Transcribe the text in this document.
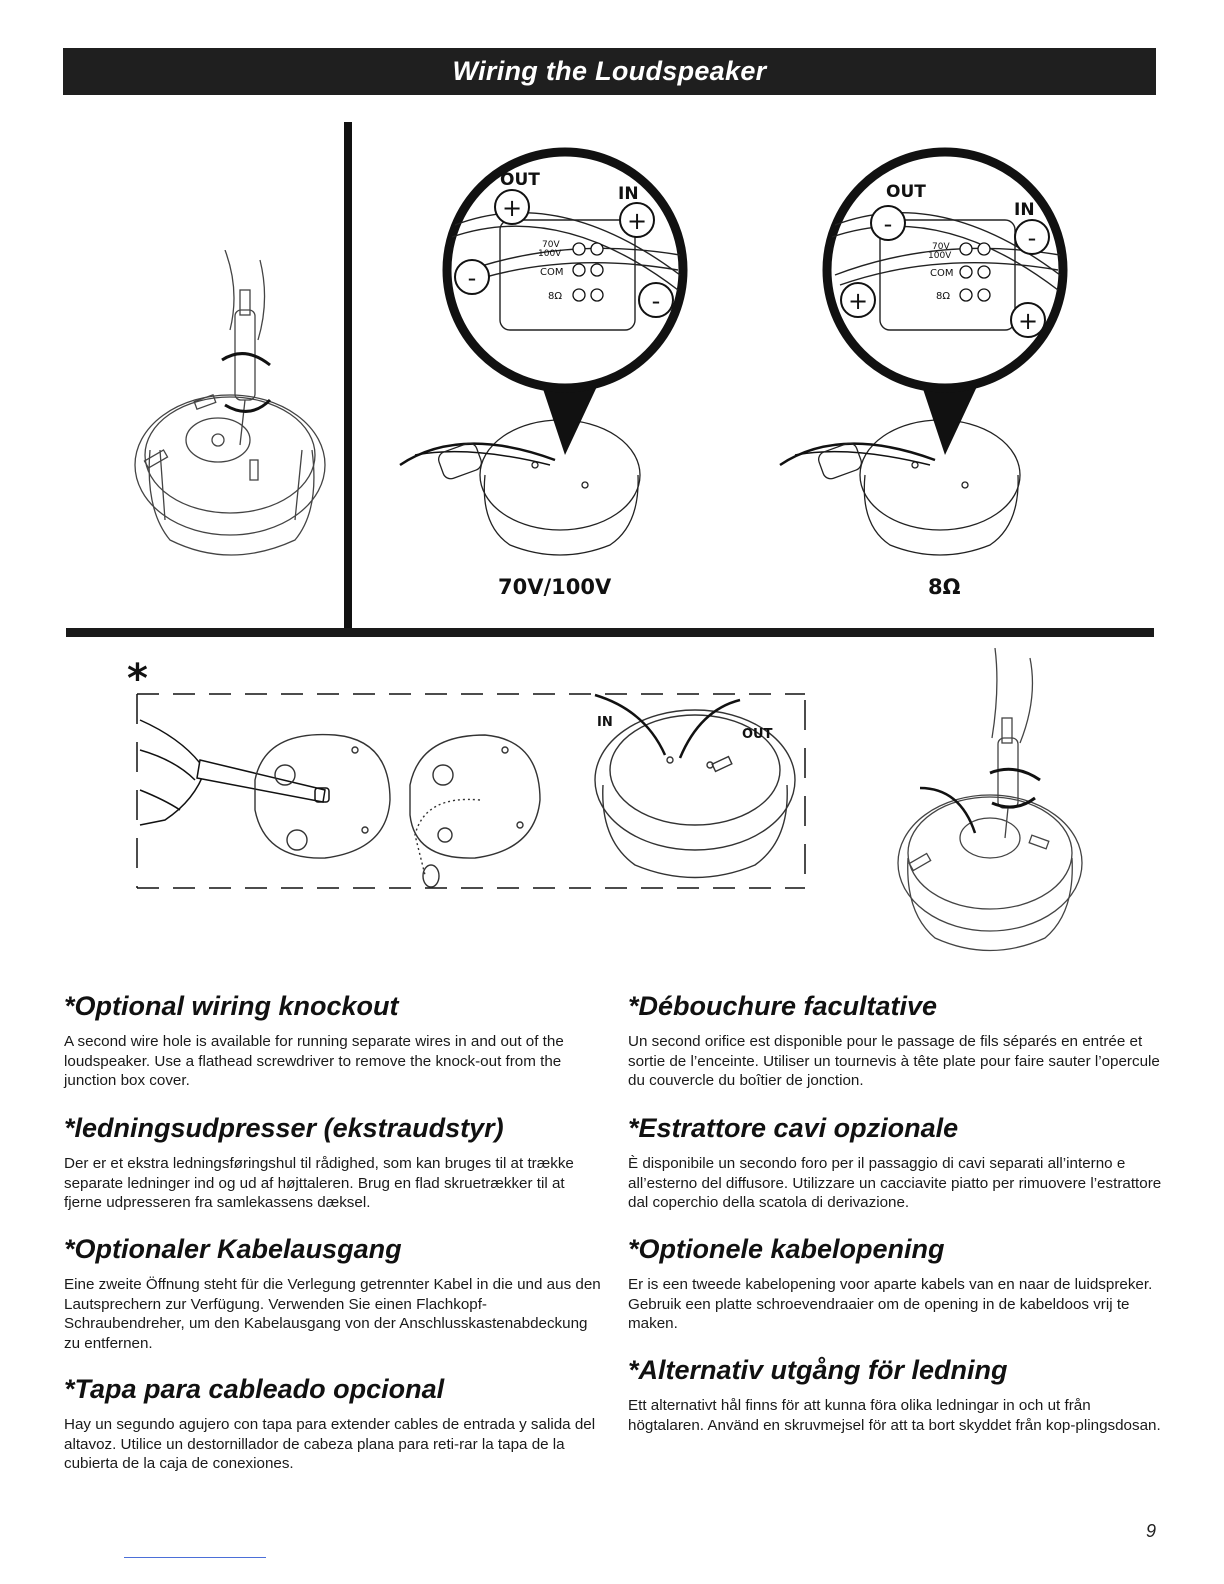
Wiring the Loudspeaker
70V
100V
COM
8Ω
+	+
-
-
OUT
IN
70V/100V
70V
100V
COM
8Ω
-	-
+
+
OUT
IN
8Ω
*
IN
OUT
*Optional wiring knockout

A second wire hole is available for running separate wires in and out of the loudspeaker. Use a flathead screwdriver to remove the knock-out from the junction box cover.

*ledningsudpresser (ekstraudstyr)

Der er et ekstra ledningsføringshul til rådighed, som kan bruges til at trække separate ledninger ind og ud af højttaleren. Brug en flad skruetrækker til at fjerne udpresseren fra samlekassens dæksel.

*Optionaler Kabelausgang

Eine zweite Öffnung steht für die Verlegung getrennter Kabel in die und aus den Lautsprechern zur Verfügung. Verwenden Sie einen Flachkopf-Schraubendreher, um den Kabelausgang von der Anschlusskastenabdeckung zu entfernen.

*Tapa para cableado opcional

Hay un segundo agujero con tapa para extender cables de entrada y salida del altavoz. Utilice un destornillador de cabeza plana para reti-rar la tapa de la cubierta de la caja de conexiones.

*Débouchure facultative

Un second orifice est disponible pour le passage de fils séparés en entrée et sortie de l’enceinte. Utiliser un tournevis à tête plate pour faire sauter l’opercule du couvercle du boîtier de jonction.

*Estrattore cavi opzionale

È disponibile un secondo foro per il passaggio di cavi separati all’interno e all’esterno del diffusore. Utilizzare un cacciavite piatto per rimuovere l’estrattore dal coperchio della scatola di derivazione.

*Optionele kabelopening

Er is een tweede kabelopening voor aparte kabels van en naar de luidspreker. Gebruik een platte schroevendraaier om de opening in de kabeldoos vrij te maken.

*Alternativ utgång för ledning

Ett alternativt hål finns för att kunna föra olika ledningar in och ut från högtalaren. Använd en skruvmejsel för att ta bort skyddet från kop-plingsdosan.

9
